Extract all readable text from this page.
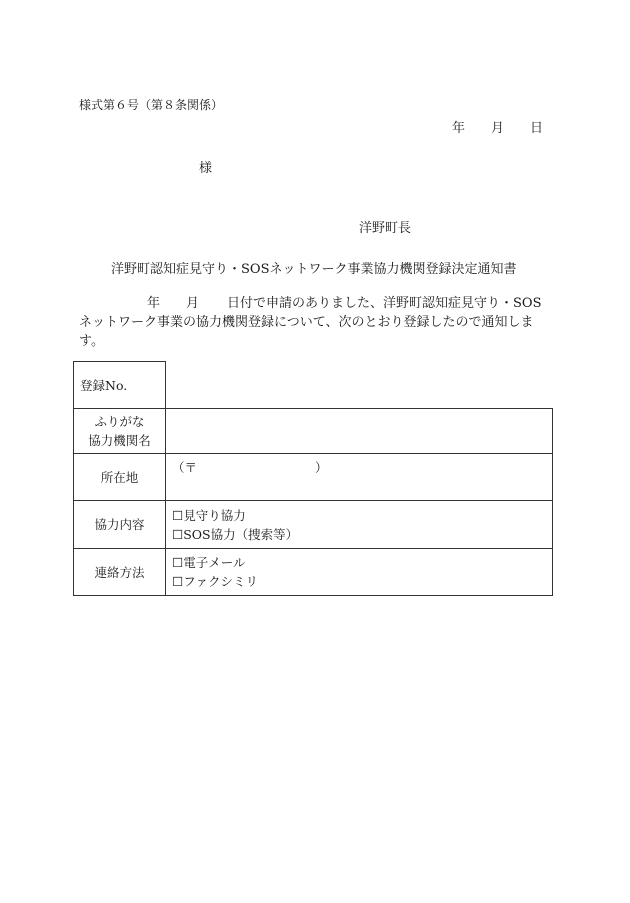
様式第６号（第８条関係）
年 月 日
様
洋野町長
洋野町認知症見守り・SOSネットワーク事業協力機関登録決定通知書
年 月 日付で申請のありました、洋野町認知症見守り・SOS
ネットワーク事業の協力機関登録について、次のとおり登録したので通知しま
す。
登録No.	

ふりがな
協力機関名	

所在地	（〒 ）
協力内容	☐見守り協力
☐SOS協力（捜索等）

連絡方法	☐電子メール
☐ファクシミリ
